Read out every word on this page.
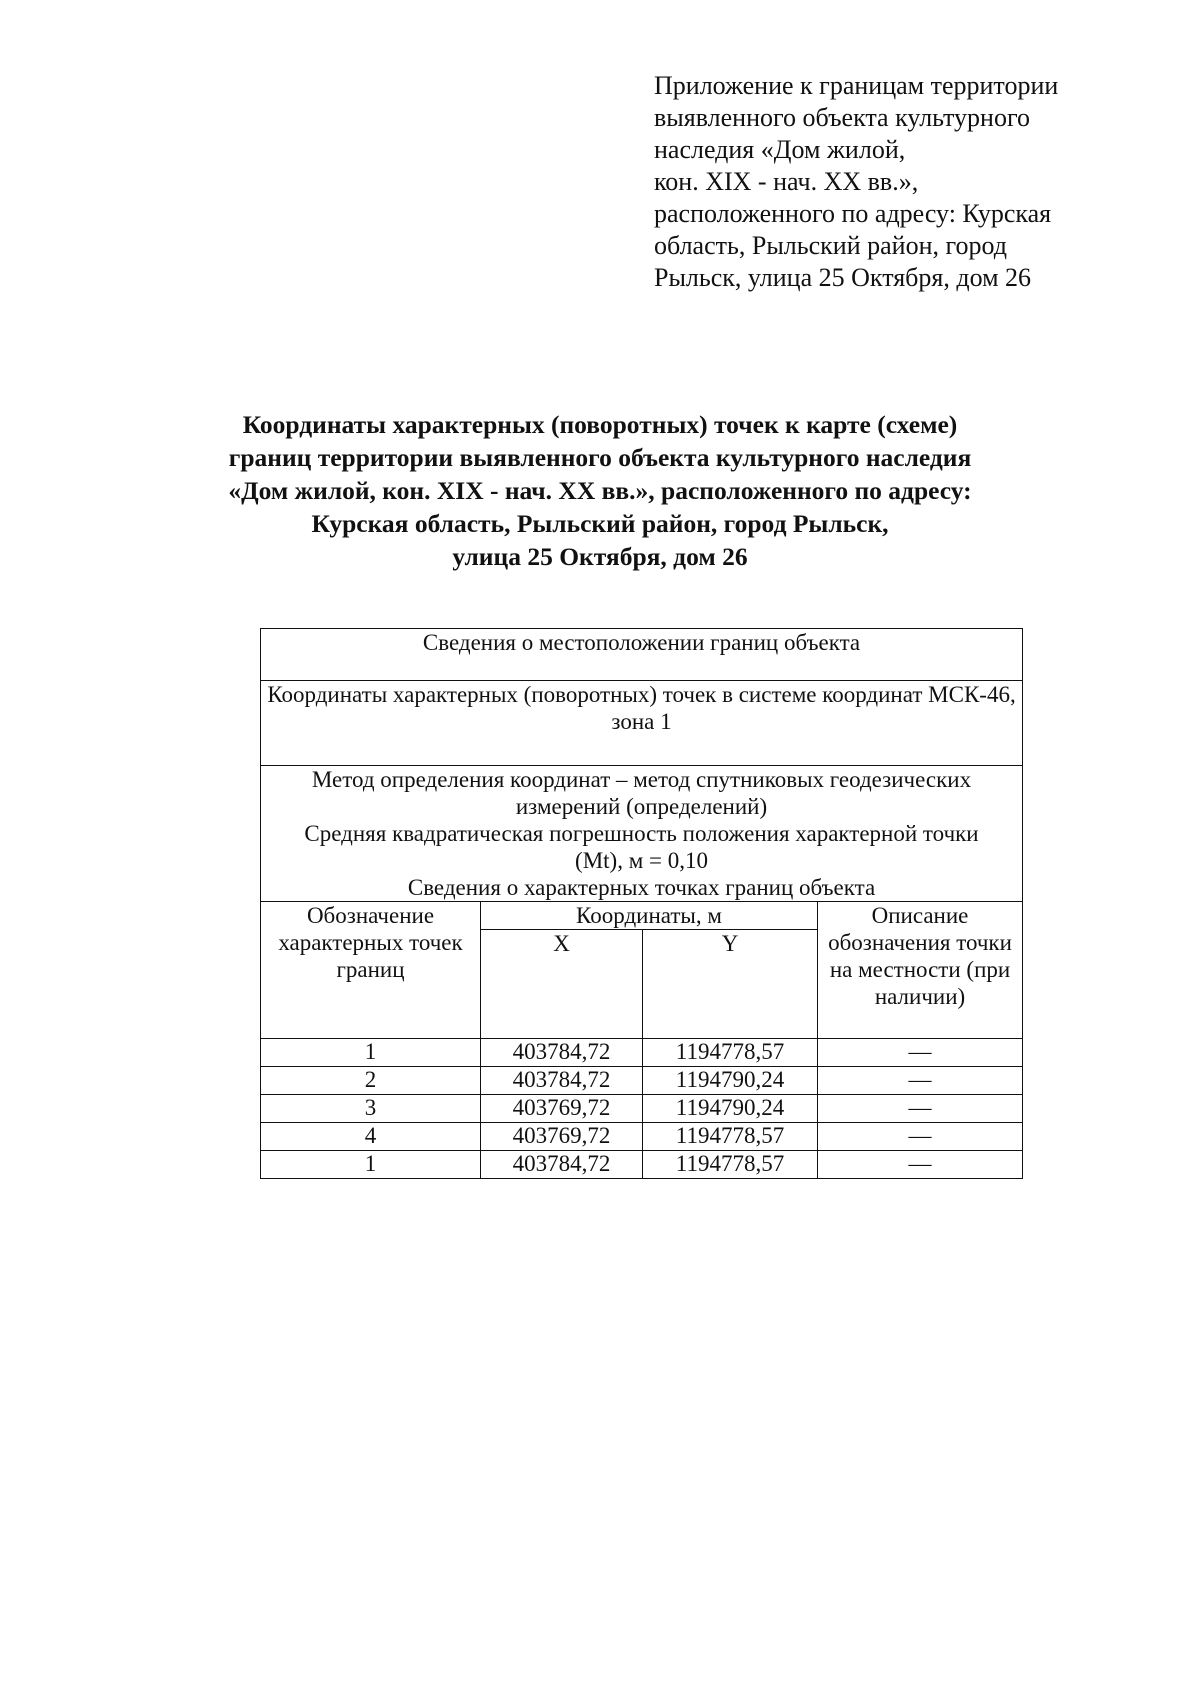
Приложение к границам территории
выявленного объекта культурного
наследия «Дом жилой,
кон. XIX - нач. XX вв.»,
расположенного по адресу: Курская
область, Рыльский район, город
Рыльск, улица 25 Октября, дом 26
Координаты характерных (поворотных) точек к карте (схеме)
границ территории выявленного объекта культурного наследия
«Дом жилой, кон. XIX - нач. XX вв.», расположенного по адресу:
Курская область, Рыльский район, город Рыльск,
улица 25 Октября, дом 26
Сведения о местоположении границ объекта			
Координаты характерных (поворотных) точек в системе координат МСК-46, зона 1			

Метод определения координат – метод спутниковых геодезических
измерений (определений)
Средняя квадратическая погрешность положения характерной точки
(Mt), м = 0,10
Сведения о характерных точках границ объекта			

Обозначение характерных точек границ	Координаты, м		Описание обозначения точки на местности (при наличии)
	X	Y	
1	403784,72	1194778,57	—
2	403784,72	1194790,24	—
3	403769,72	1194790,24	—
4	403769,72	1194778,57	—
1	403784,72	1194778,57	—
